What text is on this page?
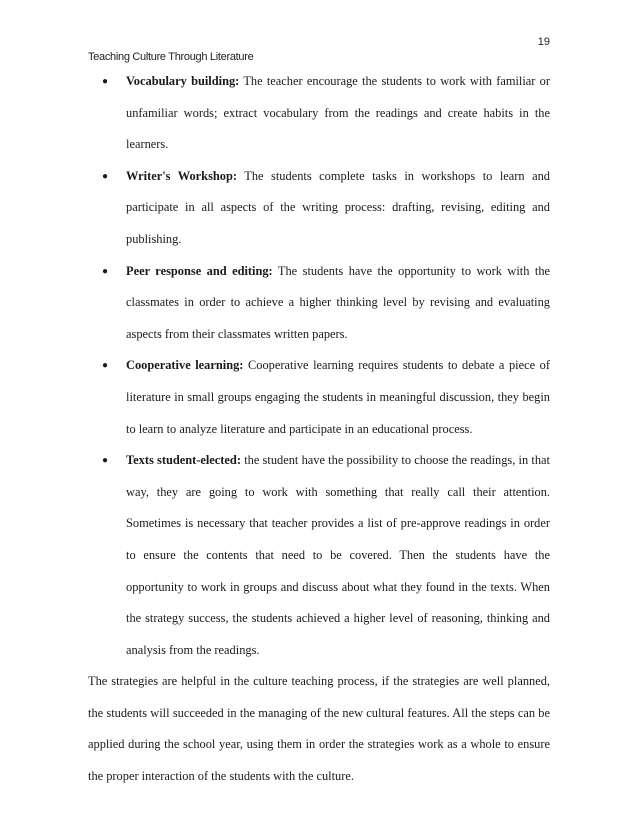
19
Teaching Culture Through Literature
● Vocabulary building: The teacher encourage the students to work with familiar or unfamiliar words; extract vocabulary from the readings and create habits in the learners.
● Writer's Workshop: The students complete tasks in workshops to learn and participate in all aspects of the writing process: drafting, revising, editing and publishing.
● Peer response and editing: The students have the opportunity to work with the classmates in order to achieve a higher thinking level by revising and evaluating aspects from their classmates written papers.
● Cooperative learning: Cooperative learning requires students to debate a piece of literature in small groups engaging the students in meaningful discussion, they begin to learn to analyze literature and participate in an educational process.
● Texts student-elected: the student have the possibility to choose the readings, in that way, they are going to work with something that really call their attention. Sometimes is necessary that teacher provides a list of pre-approve readings in order to ensure the contents that need to be covered. Then the students have the opportunity to work in groups and discuss about what they found in the texts. When the strategy success, the students achieved a higher level of reasoning, thinking and analysis from the readings.

The strategies are helpful in the culture teaching process, if the strategies are well planned, the students will succeeded in the managing of the new cultural features. All the steps can be applied during the school year, using them in order the strategies work as a whole to ensure the proper interaction of the students with the culture.
